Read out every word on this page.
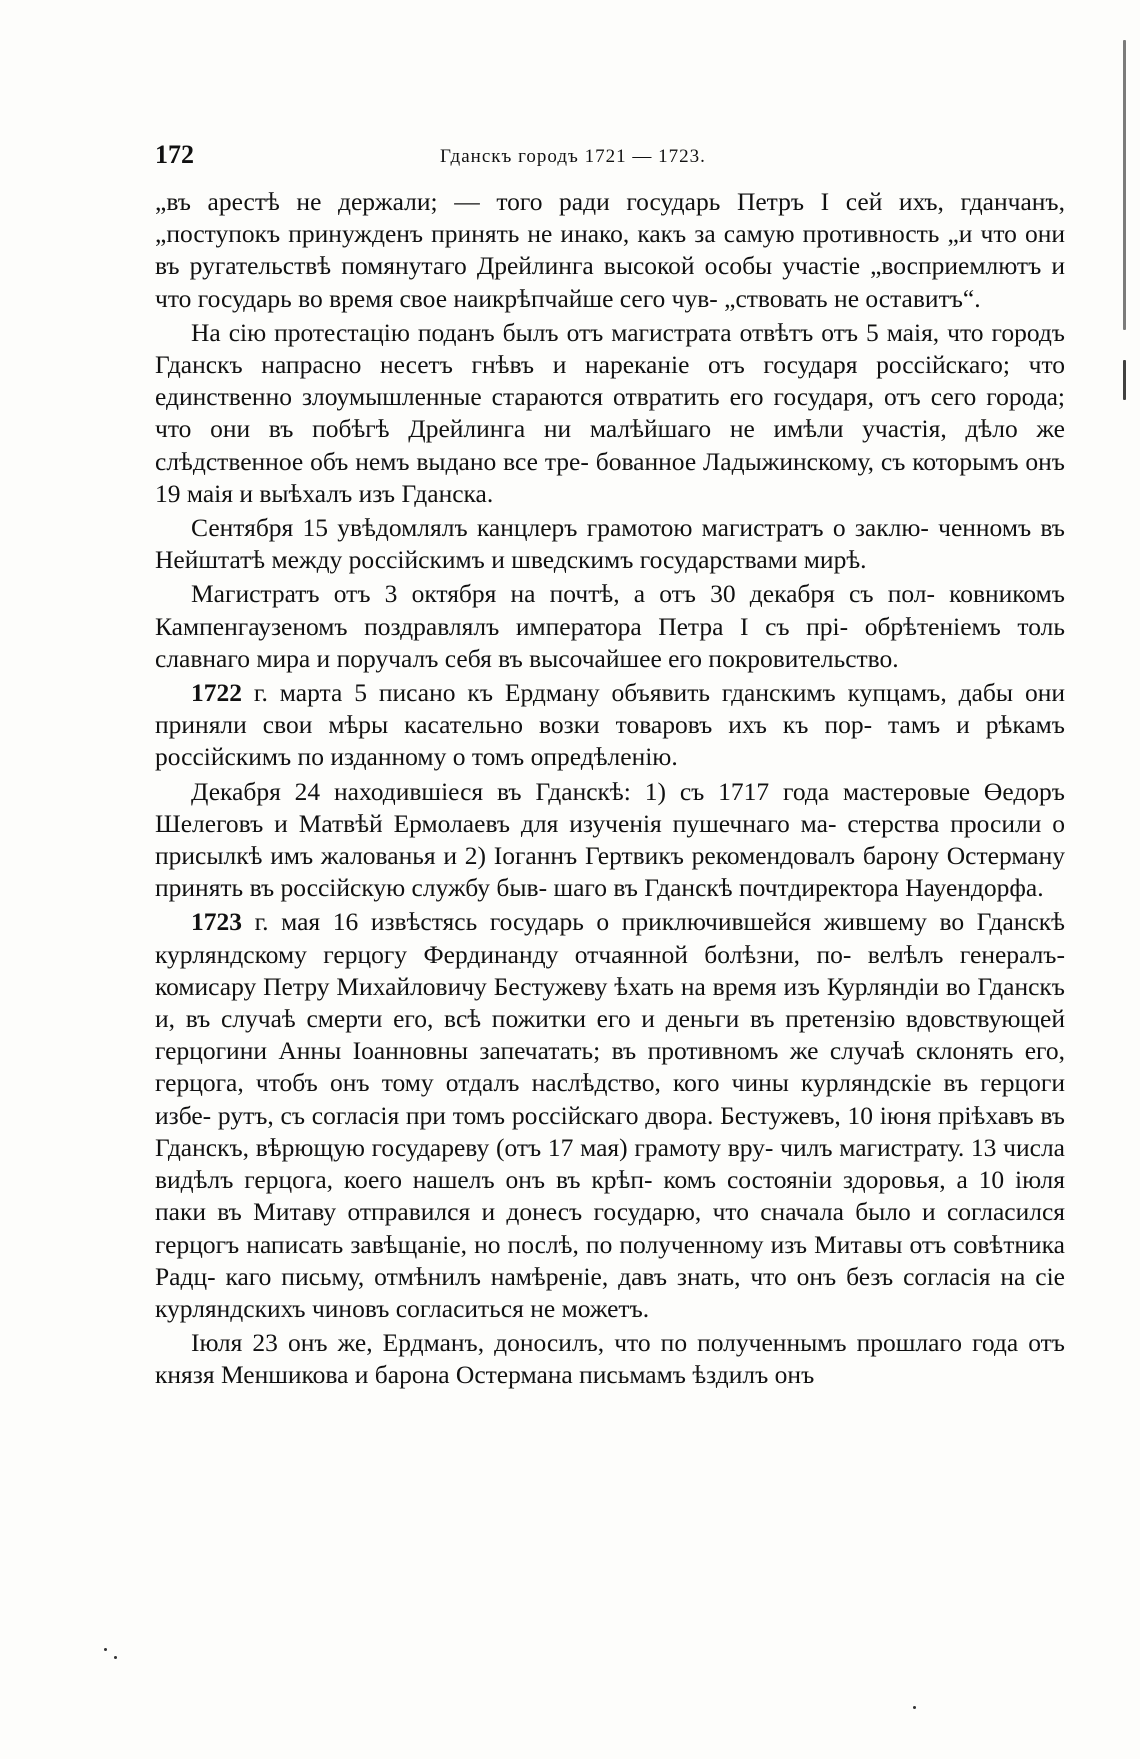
172	Гданскъ городъ 1721 — 1723.

„въ арестѣ не держали; — того ради государь Петръ I сей ихъ, гданчанъ, „поступокъ принужденъ принять не инако, какъ за самую противность „и что они въ ругательствѣ помянутаго Дрейлинга высокой особы участіе „восприемлютъ и что государь во время свое наикрѣпчайше сего чув- „ствовать не оставитъ“.

На сію протестацію поданъ былъ отъ магистрата отвѣтъ отъ 5 маія, что городъ Гданскъ напрасно несетъ гнѣвъ и нареканіе отъ государя россійскаго; что единственно злоумышленные стараются отвратить его государя, отъ сего города; что они въ побѣгѣ Дрейлинга ни малѣйшаго не имѣли участія, дѣло же слѣдственное объ немъ выдано все тре- бованное Ладыжинскому, съ которымъ онъ 19 маія и выѣхалъ изъ Гданска.

Сентября 15 увѣдомлялъ канцлеръ грамотою магистратъ о заклю- ченномъ въ Нейштатѣ между россійскимъ и шведскимъ государствами мирѣ.

Магистратъ отъ 3 октября на почтѣ, а отъ 30 декабря съ пол- ковникомъ Кампенгаузеномъ поздравлялъ императора Петра I съ прі- обрѣтеніемъ толь славнаго мира и поручалъ себя въ высочайшее его покровительство.

1722 г. марта 5 писано къ Ердману объявить гданскимъ купцамъ, дабы они приняли свои мѣры касательно возки товаровъ ихъ къ пор- тамъ и рѣкамъ россійскимъ по изданному о томъ опредѣленію.

Декабря 24 находившіеся въ Гданскѣ: 1) съ 1717 года мастеровые Өедоръ Шелеговъ и Матвѣй Ермолаевъ для изученія пушечнаго ма- стерства просили о присылкѣ имъ жалованья и 2) Іоганнъ Гертвикъ рекомендовалъ барону Остерману принять въ россійскую службу быв- шаго въ Гданскѣ почтдиректора Науендорфа.

1723 г. мая 16 извѣстясь государь о приключившейся жившему во Гданскѣ курляндскому герцогу Фердинанду отчаянной болѣзни, по- велѣлъ генералъ-комисару Петру Михайловичу Бестужеву ѣхать на время изъ Курляндіи во Гданскъ и, въ случаѣ смерти его, всѣ пожитки его и деньги въ претензію вдовствующей герцогини Анны Іоанновны запечатать; въ противномъ же случаѣ склонять его, герцога, чтобъ онъ тому отдалъ наслѣдство, кого чины курляндскіе въ герцоги избе- рутъ, съ согласія при томъ россійскаго двора. Бестужевъ, 10 іюня пріѣхавъ въ Гданскъ, вѣрющую государеву (отъ 17 мая) грамоту вру- чилъ магистрату. 13 числа видѣлъ герцога, коего нашелъ онъ въ крѣп- комъ состояніи здоровья, а 10 іюля паки въ Митаву отправился и донесъ государю, что сначала было и согласился герцогъ написать завѣщаніе, но послѣ, по полученному изъ Митавы отъ совѣтника Радц- каго письму, отмѣнилъ намѣреніе, давъ знать, что онъ безъ согласія на сіе курляндскихъ чиновъ согласиться не можетъ.

Іюля 23 онъ же, Ердманъ, доносилъ, что по полученнымъ прошлаго года отъ князя Меншикова и барона Остермана письмамъ ѣздилъ онъ
